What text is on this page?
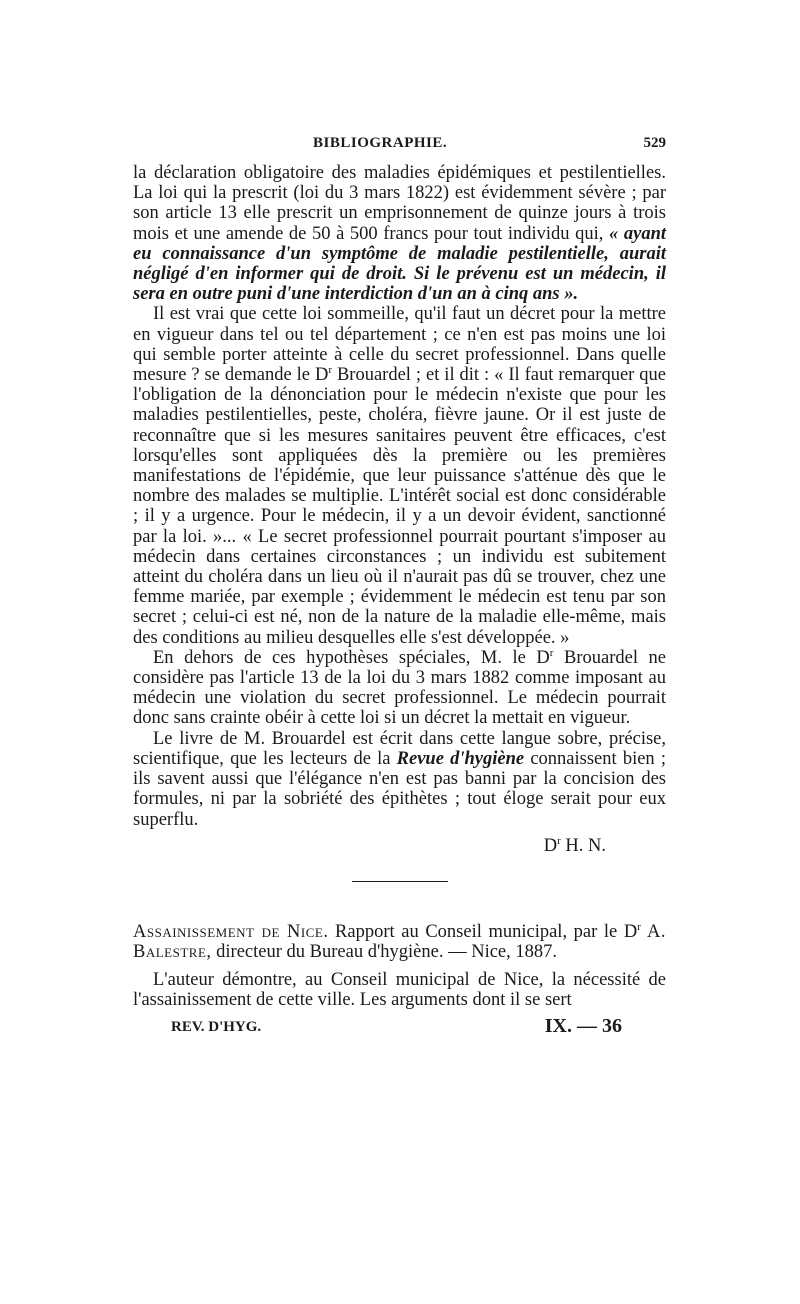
BIBLIOGRAPHIE.	529

la déclaration obligatoire des maladies épidémiques et pestilentielles. La loi qui la prescrit (loi du 3 mars 1822) est évidemment sévère ; par son article 13 elle prescrit un emprisonnement de quinze jours à trois mois et une amende de 50 à 500 francs pour tout individu qui, « ayant eu connaissance d'un symptôme de maladie pestilentielle, aurait négligé d'en informer qui de droit. Si le prévenu est un médecin, il sera en outre puni d'une interdiction d'un an à cinq ans ».

Il est vrai que cette loi sommeille, qu'il faut un décret pour la mettre en vigueur dans tel ou tel département ; ce n'en est pas moins une loi qui semble porter atteinte à celle du secret professionnel. Dans quelle mesure ? se demande le $D^r$ Brouardel ; et il dit : « Il faut remarquer que l'obligation de la dénonciation pour le médecin n'existe que pour les maladies pestilentielles, peste, choléra, fièvre jaune. Or il est juste de reconnaître que si les mesures sanitaires peuvent être efficaces, c'est lorsqu'elles sont appliquées dès la première ou les premières manifestations de l'épidémie, que leur puissance s'atténue dès que le nombre des malades se multiplie. L'intérêt social est donc considérable ; il y a urgence. Pour le médecin, il y a un devoir évident, sanctionné par la loi. »... « Le secret professionnel pourrait pourtant s'imposer au médecin dans certaines circonstances ; un individu est subitement atteint du choléra dans un lieu où il n'aurait pas dû se trouver, chez une femme mariée, par exemple ; évidemment le médecin est tenu par son secret ; celui-ci est né, non de la nature de la maladie elle-même, mais des conditions au milieu desquelles elle s'est développée. »

En dehors de ces hypothèses spéciales, M. le $D^r$ Brouardel ne considère pas l'article 13 de la loi du 3 mars 1882 comme imposant au médecin une violation du secret professionnel. Le médecin pourrait donc sans crainte obéir à cette loi si un décret la mettait en vigueur.

Le livre de M. Brouardel est écrit dans cette langue sobre, précise, scientifique, que les lecteurs de la Revue d'hygiène connaissent bien ; ils savent aussi que l'élégance n'en est pas banni par la concision des formules, ni par la sobriété des épithètes ; tout éloge serait pour eux superflu.

$D^r$ H. N.

Assainissement de Nice. Rapport au Conseil municipal, par le $D^r$ A. Balestre, directeur du Bureau d'hygiène. — Nice, 1887.

L'auteur démontre, au Conseil municipal de Nice, la nécessité de l'assainissement de cette ville. Les arguments dont il se sert

REV. D'HYG.	IX. — 36
